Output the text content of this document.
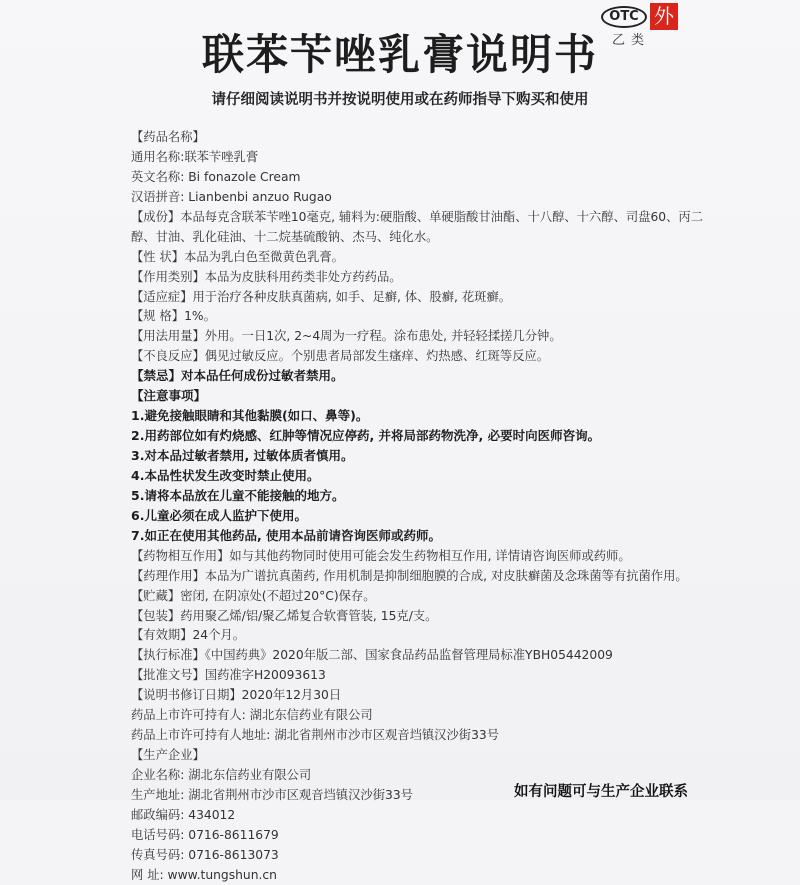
OTC 外
乙类
联苯苄唑乳膏说明书
请仔细阅读说明书并按说明使用或在药师指导下购买和使用
【药品名称】
通用名称:联苯苄唑乳膏
英文名称: Bi fonazole Cream
汉语拼音: Lianbenbi anzuo Rugao
【成份】本品每克含联苯苄唑10毫克, 辅料为:硬脂酸、单硬脂酸甘油酯、十八醇、十六醇、司盘60、丙二
醇、甘油、乳化硅油、十二烷基硫酸钠、杰马、纯化水。
【性 状】本品为乳白色至微黄色乳膏。
【作用类别】本品为皮肤科用药类非处方药药品。
【适应症】用于治疗各种皮肤真菌病, 如手、足癣, 体、股癣, 花斑癣。
【规 格】1%。
【用法用量】外用。一日1次, 2~4周为一疗程。涂布患处, 并轻轻揉搓几分钟。
【不良反应】偶见过敏反应。个别患者局部发生瘙痒、灼热感、红斑等反应。
【禁忌】对本品任何成份过敏者禁用。
【注意事项】
1.避免接触眼睛和其他黏膜(如口、鼻等)。
2.用药部位如有灼烧感、红肿等情况应停药, 并将局部药物洗净, 必要时向医师咨询。
3.对本品过敏者禁用, 过敏体质者慎用。
4.本品性状发生改变时禁止使用。
5.请将本品放在儿童不能接触的地方。
6.儿童必须在成人监护下使用。
7.如正在使用其他药品, 使用本品前请咨询医师或药师。
【药物相互作用】如与其他药物同时使用可能会发生药物相互作用, 详情请咨询医师或药师。
【药理作用】本品为广谱抗真菌药, 作用机制是抑制细胞膜的合成, 对皮肤癣菌及念珠菌等有抗菌作用。
【贮藏】密闭, 在阴凉处(不超过20°C)保存。
【包装】药用聚乙烯/铝/聚乙烯复合软膏管装, 15克/支。
【有效期】24个月。
【执行标准】《中国药典》2020年版二部、国家食品药品监督管理局标准YBH05442009
【批准文号】国药准字H20093613
【说明书修订日期】2020年12月30日
药品上市许可持有人: 湖北东信药业有限公司
药品上市许可持有人地址: 湖北省荆州市沙市区观音垱镇汉沙街33号
【生产企业】
企业名称: 湖北东信药业有限公司
生产地址: 湖北省荆州市沙市区观音垱镇汉沙街33号
邮政编码: 434012
电话号码: 0716-8611679
传真号码: 0716-8613073
网 址: www.tungshun.cn
如有问题可与生产企业联系
